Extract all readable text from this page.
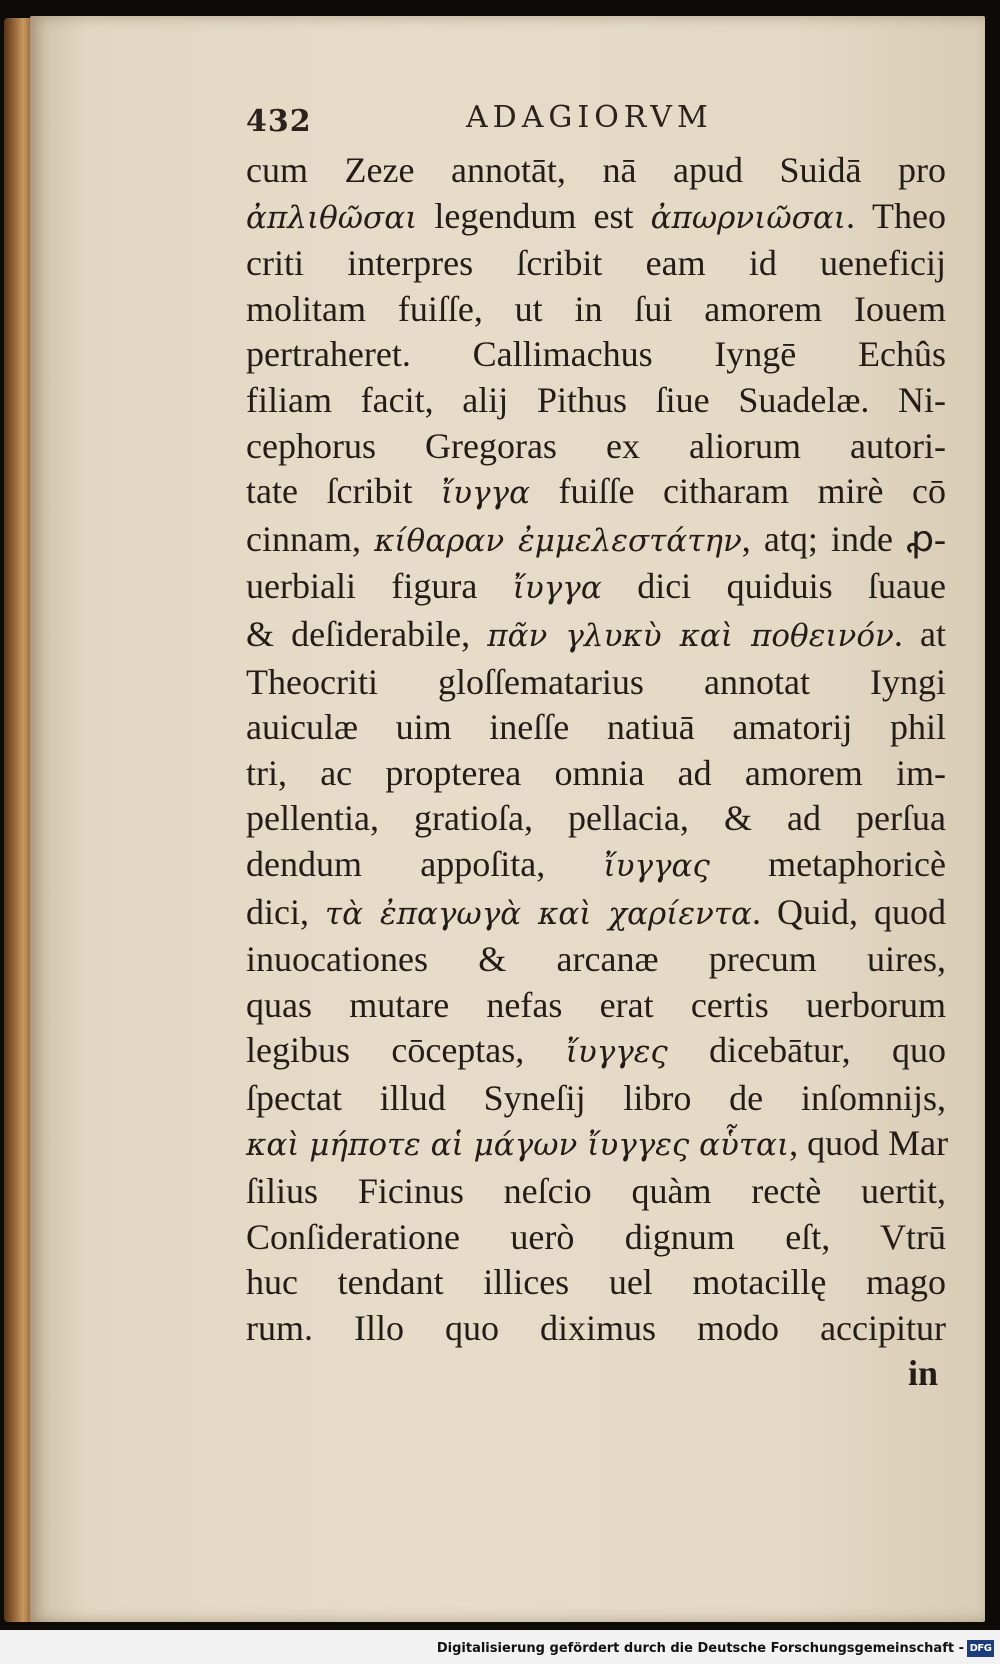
432	ADAGIORVM
cum Zeze annotāt, nā apud Suidā pro
ἀπλιθῶσαι legendum est ἀπωρνιῶσαι. Theo
criti interpres ſcribit eam id ueneficij
molitam fuiſſe, ut in ſui amorem Iouem
pertraheret. Callimachus Iyngē Echûs
filiam facit, alij Pithus ſiue Suadelæ. Ni-
cephorus Gregoras ex aliorum autori-
tate ſcribit ἴυγγα fuiſſe citharam mirè cō
cinnam, κίθαραν ἐμμελεστάτην, atq; inde ꝓ-
uerbiali figura ἴυγγα dici quiduis ſuaue
& deſiderabile, πᾶν γλυκὺ καὶ ποθεινόν. at
Theocriti gloſſematarius annotat Iyngi
auiculæ uim ineſſe natiuā amatorij phil
tri, ac propterea omnia ad amorem im-
pellentia, gratioſa, pellacia, & ad perſua
dendum appoſita, ἴυγγας metaphoricè
dici, τὰ ἐπαγωγὰ καὶ χαρίεντα. Quid, quod
inuocationes & arcanæ precum uires,
quas mutare nefas erat certis uerborum
legibus cōceptas, ἴυγγες dicebātur, quo
ſpectat illud Syneſij libro de inſomnijs,
καὶ μήποτε αἱ μάγων ἴυγγες αὗται, quod Mar
ſilius Ficinus neſcio quàm rectè uertit,
Conſideratione uerò dignum eſt, Vtrū
huc tendant illices uel motacillę mago
rum. Illo quo diximus modo accipitur
in
Digitalisierung gefördert durch die Deutsche Forschungsgemeinschaft - DFG
